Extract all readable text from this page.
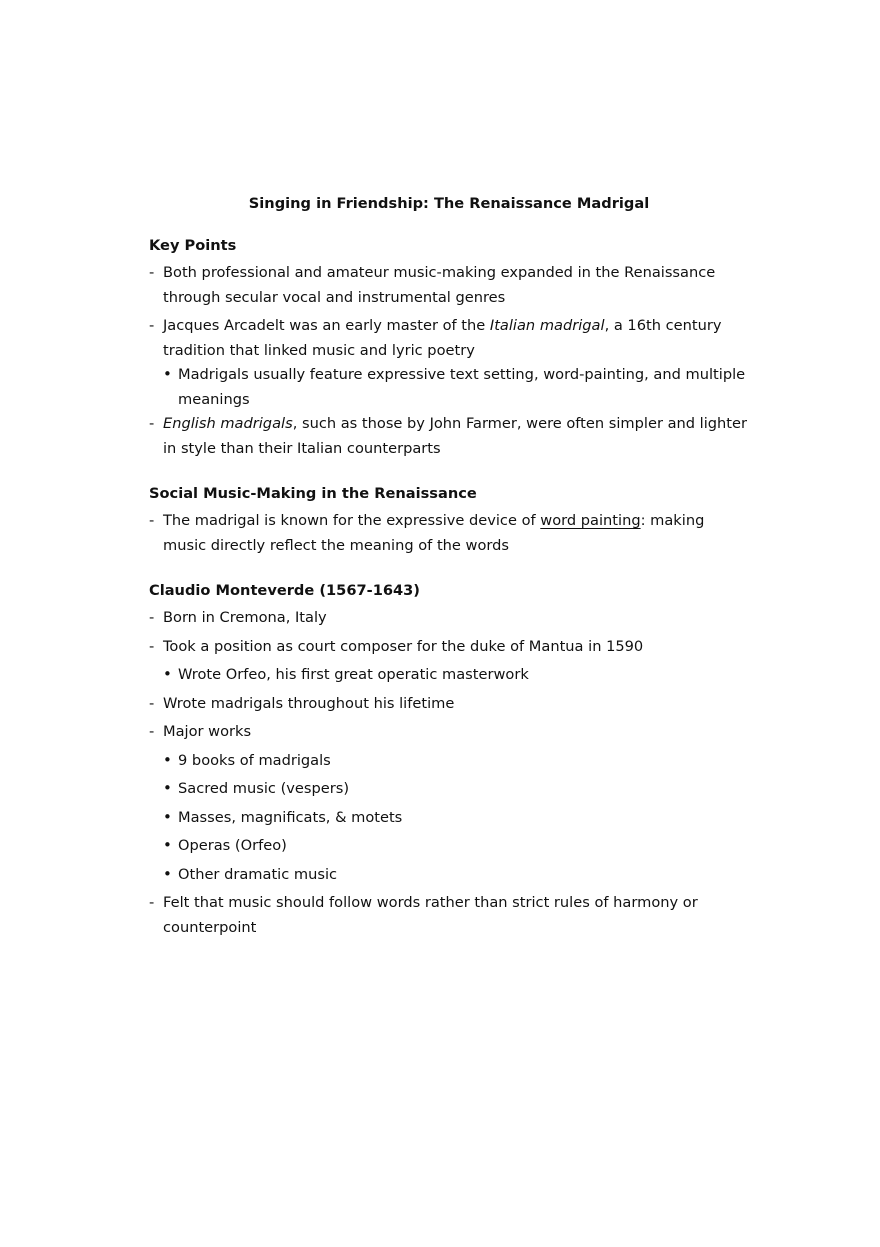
Singing in Friendship: The Renaissance Madrigal
Key Points
- Both professional and amateur music-making expanded in the Renaissance through secular vocal and instrumental genres
- Jacques Arcadelt was an early master of the Italian madrigal, a 16th century tradition that linked music and lyric poetry
• Madrigals usually feature expressive text setting, word-painting, and multiple meanings
- English madrigals, such as those by John Farmer, were often simpler and lighter in style than their Italian counterparts
Social Music-Making in the Renaissance
- The madrigal is known for the expressive device of word painting: making music directly reflect the meaning of the words
Claudio Monteverde (1567-1643)
- Born in Cremona, Italy
- Took a position as court composer for the duke of Mantua in 1590
• Wrote Orfeo, his first great operatic masterwork
- Wrote madrigals throughout his lifetime
- Major works
• 9 books of madrigals
• Sacred music (vespers)
• Masses, magnificats, & motets
• Operas (Orfeo)
• Other dramatic music
- Felt that music should follow words rather than strict rules of harmony or counterpoint
